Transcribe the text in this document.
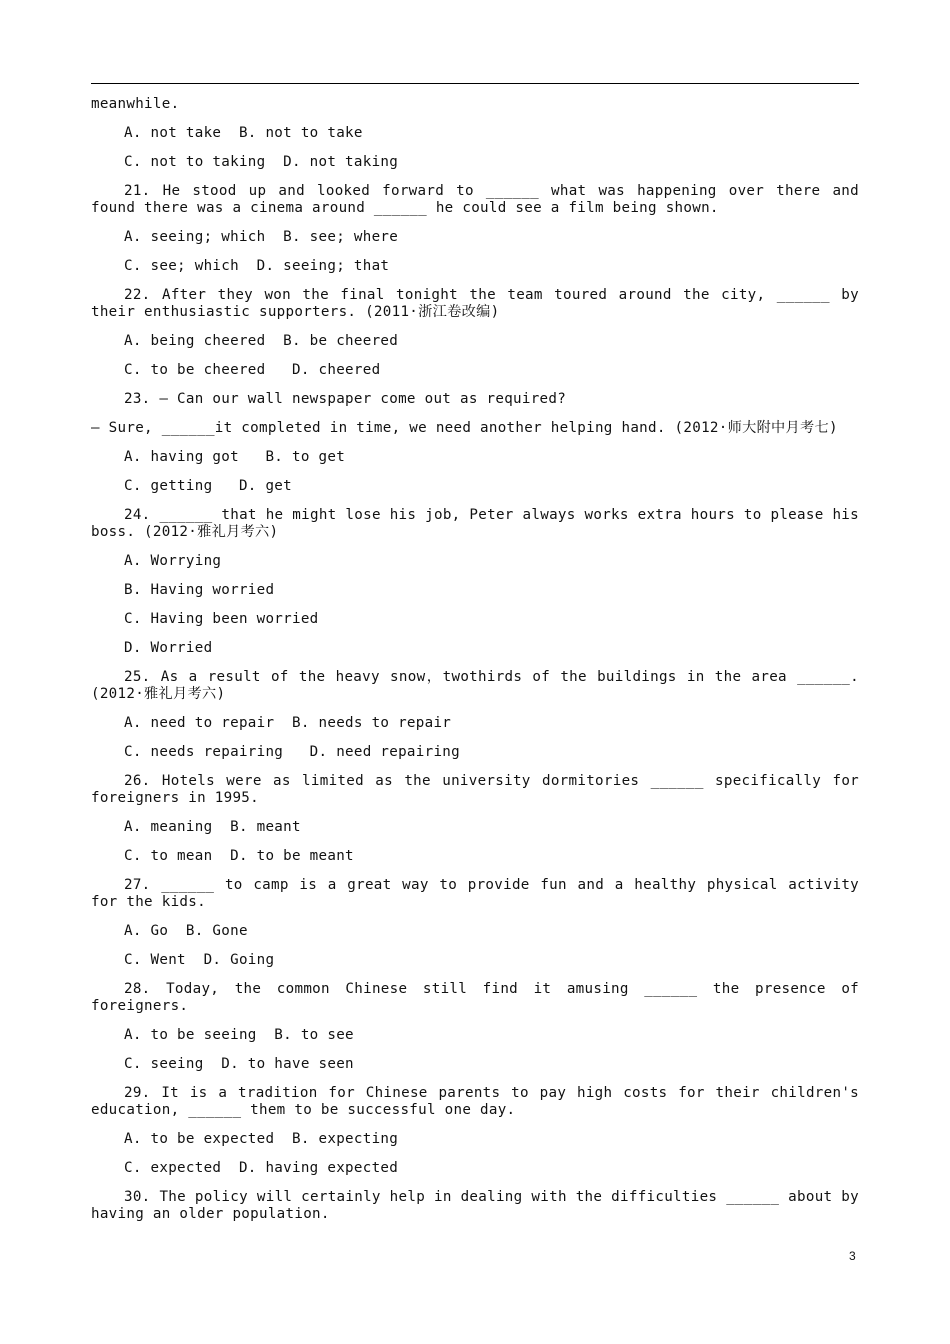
meanwhile.

A. not take  B. not to take

C. not to taking  D. not taking

21. He stood up and looked forward to ______ what was happening over there and found there was a cinema around ______ he could see a film being shown.

A. seeing; which  B. see; where

C. see; which  D. seeing; that

22. After they won the final tonight the team toured around the city, ______ by their enthusiastic supporters. (2011·浙江卷改编)

A. being cheered  B. be cheered

C. to be cheered   D. cheered

23. — Can our wall newspaper come out as required?

— Sure, ______it completed in time, we need another helping hand. (2012·师大附中月考七)

A. having got   B. to get

C. getting   D. get

24. ______ that he might lose his job, Peter always works extra hours to please his boss. (2012·雅礼月考六)

A. Worrying

B. Having worried

C. Having been worried

D. Worried

25. As a result of the heavy snow，twothirds of the buildings in the area ______.(2012·雅礼月考六)

A. need to repair  B. needs to repair

C. needs repairing   D. need repairing

26. Hotels were as limited as the university dormitories ______ specifically for foreigners in 1995.

A. meaning  B. meant

C. to mean  D. to be meant

27. ______ to camp is a great way to provide fun and a healthy physical activity for the kids.

A. Go  B. Gone

C. Went  D. Going

28. Today, the common Chinese still find it amusing ______ the presence of foreigners.

A. to be seeing  B. to see

C. seeing  D. to have seen

29. It is a tradition for Chinese parents to pay high costs for their children's education, ______ them to be successful one day.

A. to be expected  B. expecting

C. expected  D. having expected

30. The policy will certainly help in dealing with the difficulties ______ about by having an older population.

3
